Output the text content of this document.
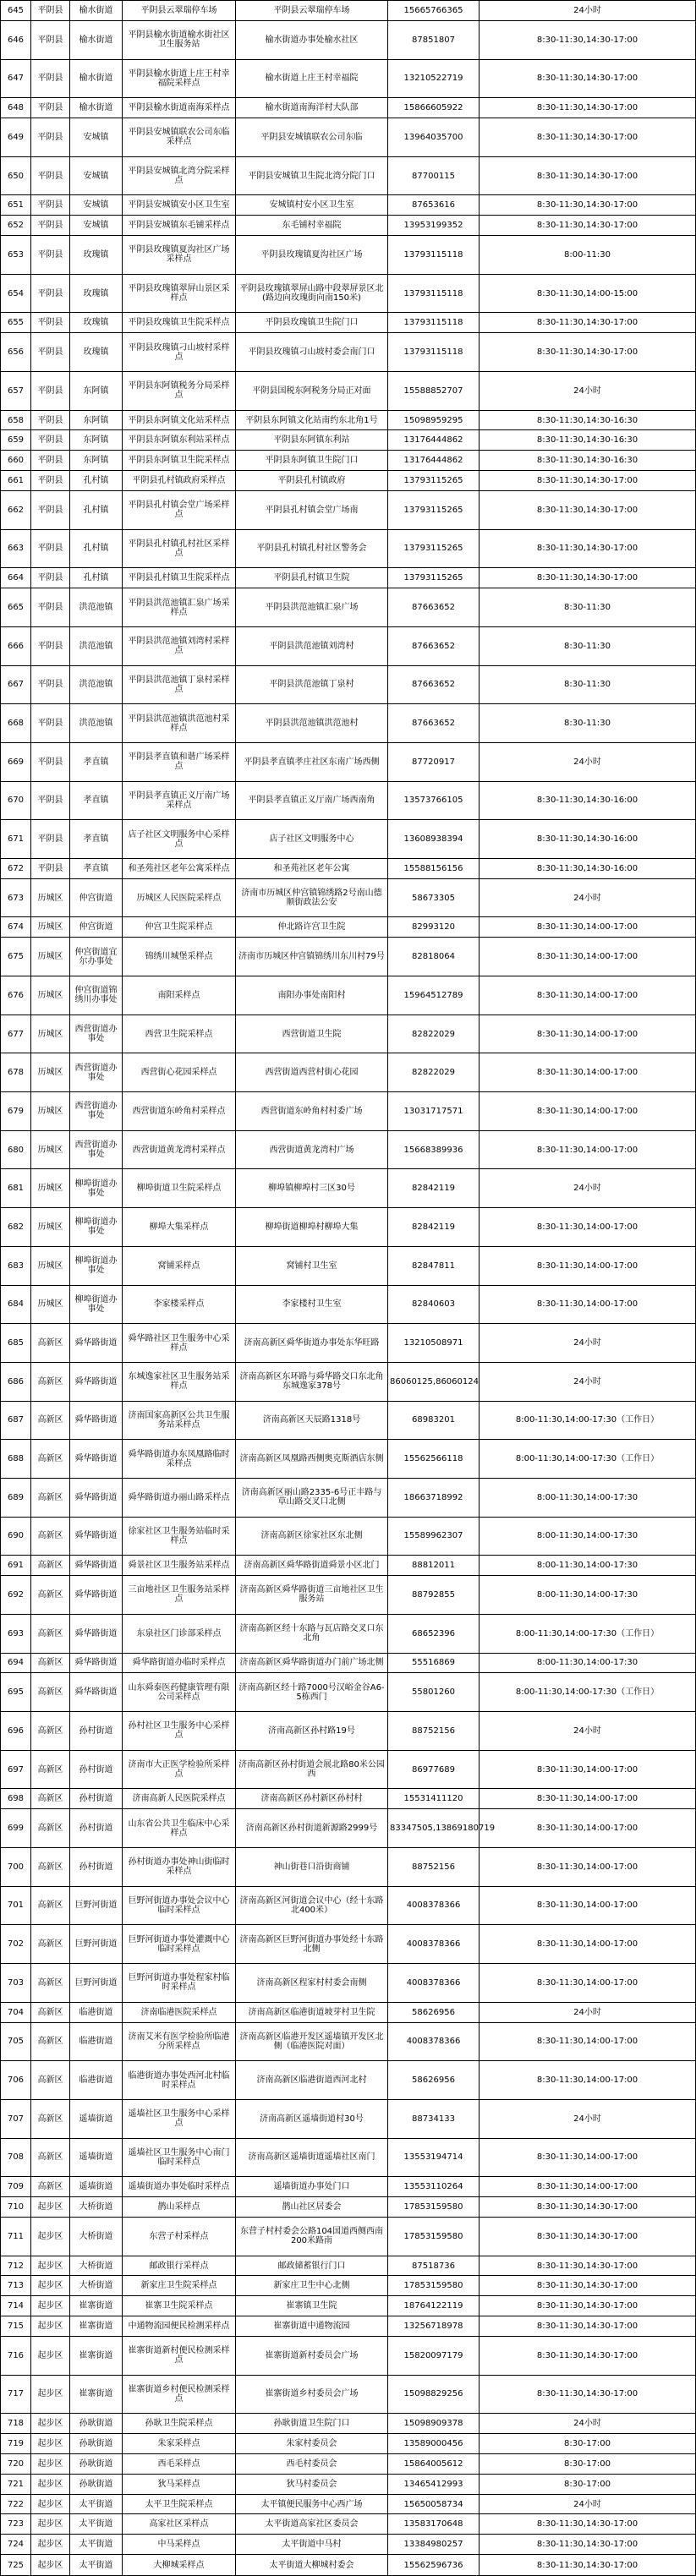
645	平阴县	榆水街道	平阴县云翠瑞停车场	平阴县云翠瑞停车场	15665766365	24小时
646	平阴县	榆水街道	平阴县榆水街道榆水街社区卫生服务站	榆水街道办事处榆水社区	87851807	8:30-11:30,14:30-17:00
647	平阴县	榆水街道	平阴县榆水街道上庄王村幸福院采样点	榆水街道上庄王村幸福院	13210522719	8:30-11:30,14:30-17:00
648	平阴县	榆水街道	平阴县榆水街道南海采样点	榆水街道南海洋村大队部	15866605922	8:30-11:30,14:30-17:00
649	平阴县	安城镇	平阴县安城镇联农公司东临采样点	平阴县安城镇联农公司东临	13964035700	8:30-11:30,14:30-17:00
650	平阴县	安城镇	平阴县安城镇北湾分院采样点	平阴县安城镇卫生院北湾分院门口	87700115	8:30-11:30,14:30-17:00
651	平阴县	安城镇	平阴县安城镇安小区卫生室	安城镇村安小区卫生室	87653616	8:30-11:30,14:30-17:00
652	平阴县	安城镇	平阴县安城镇东毛铺采样点	东毛铺村幸福院	13953199352	8:30-11:30,14:30-17:00
653	平阴县	玫瑰镇	平阴县玫瑰镇夏沟社区广场采样点	平阴县玫瑰镇夏沟社区广场	13793115118	8:00-11:30
654	平阴县	玫瑰镇	平阴县玫瑰镇翠屏山景区采样点	平阴县玫瑰镇翠屏山路中段翠屏景区北(路边向玫瑰街向南150米)	13793115118	8:30-11:30,14:00-15:00
655	平阴县	玫瑰镇	平阴县玫瑰镇卫生院采样点	平阴县玫瑰镇卫生院门口	13793115118	8:30-11:30,14:30-17:00
656	平阴县	玫瑰镇	平阴县玫瑰镇刁山坡村采样点	平阴县玫瑰镇刁山坡村委会南门口	13793115118	8:30-11:30,14:30-17:00
657	平阴县	东阿镇	平阴县东阿镇税务分局采样点	平阴县国税东阿税务分局正对面	15588852707	24小时
658	平阴县	东阿镇	平阴县东阿镇文化站采样点	平阴县东阿镇文化站南约东北角1号	15098959295	8:30-11:30,14:30-16:30
659	平阴县	东阿镇	平阴县东阿镇东利站采样点	平阴县东阿镇东利站	13176444862	8:30-11:30,14:30-16:30
660	平阴县	东阿镇	平阴县东阿镇卫生院采样点	平阴县东阿镇卫生院门口	13176444862	8:30-11:30,14:30-16:30
661	平阴县	孔村镇	平阴县孔村镇政府采样点	平阴县孔村镇政府	13793115265	8:30-11:30,14:30-17:00
662	平阴县	孔村镇	平阴县孔村镇会堂广场采样点	平阴县孔村镇会堂广场南	13793115265	8:30-11:30,14:30-17:00
663	平阴县	孔村镇	平阴县孔村镇孔村社区采样点	平阴县孔村镇孔村社区警务会	13793115265	8:30-11:30,14:30-17:00
664	平阴县	孔村镇	平阴县孔村镇卫生院采样点	平阴县孔村镇卫生院	13793115265	8:30-11:30,14:30-17:00
665	平阴县	洪范池镇	平阴县洪范池镇汇泉广场采样点	平阴县洪范池镇汇泉广场	87663652	8:30-11:30
666	平阴县	洪范池镇	平阴县洪范池镇刘湾村采样点	平阴县洪范池镇刘湾村	87663652	8:30-11:30
667	平阴县	洪范池镇	平阴县洪范池镇丁泉村采样点	平阴县洪范池镇丁泉村	87663652	8:30-11:30
668	平阴县	洪范池镇	平阴县洪范池镇洪范池村采样点	平阴县洪范池镇洪范池村	87663652	8:30-11:30
669	平阴县	孝直镇	平阴县孝直镇和谐广场采样点	平阴县孝直镇孝庄社区东南广场西侧	87720917	24小时
670	平阴县	孝直镇	平阴县孝直镇正义厅南广场采样点	平阴县孝直镇正义厅南广场西南角	13573766105	8:30-11:30,14:30-16:00
671	平阴县	孝直镇	店子社区文明服务中心采样点	店子社区文明服务中心	13608938394	8:30-11:30,14:30-16:00
672	平阴县	孝直镇	和圣苑社区老年公寓采样点	和圣苑社区老年公寓	15588156156	8:30-11:30,14:30-16:00
673	历城区	仲宫街道	历城区人民医院采样点	济南市历城区仲宫镇锦绣路2号南山德顺街政法公安	58673305	24小时
674	历城区	仲宫街道	仲宫卫生院采样点	仲北路许宫卫生院	82993120	8:30-11:30,14:00-17:00
675	历城区	仲宫街道宜尔办事处	锦绣川城堡采样点	济南市历城区仲宫镇锦绣川东川村79号	82818064	8:30-11:30,14:00-17:00
676	历城区	仲宫街道锦绣川办事处	南阳采样点	南阳办事处南阳村	15964512789	8:30-11:30,14:00-17:00
677	历城区	西营街道办事处	西营卫生院采样点	西营街道卫生院	82822029	8:30-11:30,14:00-17:00
678	历城区	西营街道办事处	西营街心花园采样点	西营街道西营村街心花园	82822029	8:30-11:30,14:00-17:00
679	历城区	西营街道办事处	西营街道东岭角村采样点	西营街道东岭角村村委广场	13031717571	8:30-11:30,14:00-17:00
680	历城区	西营街道办事处	西营街道黄龙湾村采样点	西营街道黄龙湾村广场	15668389936	8:30-11:30,14:00-17:00
681	历城区	柳埠街道办事处	柳埠街道卫生院采样点	柳埠镇柳埠村三区30号	82842119	24小时
682	历城区	柳埠街道办事处	柳埠大集采样点	柳埠街道柳埠村柳埠大集	82842119	8:30-11:30,14:00-17:00
683	历城区	柳埠街道办事处	窝铺采样点	窝铺村卫生室	82847811	8:30-11:30,14:00-17:00
684	历城区	柳埠街道办事处	李家楼采样点	李家楼村卫生室	82840603	8:30-11:30,14:00-17:00
685	高新区	舜华路街道	舜华路社区卫生服务中心采样点	济南高新区舜华街道办事处东华旺路	13210508971	24小时
686	高新区	舜华路街道	东城逸家社区卫生服务站采样点	济南高新区东环路与舜华路交口东北角东城逸家378号	86060125,86060124	24小时
687	高新区	舜华路街道	济南国家高新区公共卫生服务站采样点	济南高新区天辰路1318号	68983201	8:00-11:30,14:00-17:30（工作日）
688	高新区	舜华路街道	舜华路街道办东凤凰路临时采样点	济南高新区凤凰路西侧奥克斯酒店东侧	15562566118	8:00-11:30,14:00-17:30（工作日）
689	高新区	舜华路街道	舜华路街道办丽山路采样点	济南高新区丽山路2335-6号正丰路与草山路交叉口北侧	18663718992	8:00-11:30,14:00-17:30
690	高新区	舜华路街道	徐家社区卫生服务站临时采样点	济南高新区徐家社区东北侧	15589962307	8:00-11:30,14:00-17:30
691	高新区	舜华路街道	舜景社区卫生服务站采样点	济南高新区舜华路街道舜景小区北门	88812011	8:00-11:30,14:00-17:30
692	高新区	舜华路街道	三亩地社区卫生服务站采样点	济南高新区舜华路街道三亩地社区卫生服务站	88792855	8:00-11:30,14:00-17:30
693	高新区	舜华路街道	东泉社区门诊部采样点	济南高新区经十东路与瓦店路交叉口东北角	68652396	8:00-11:30,14:00-17:30（工作日）
694	高新区	舜华路街道	舜华路街道办临时采样点	济南高新区舜华路街道办门前广场北侧	55516869	8:00-11:30,14:00-17:30
695	高新区	舜华路街道	山东舜泰医药健康管理有限公司采样点	济南高新区经十路7000号汉峪金谷A6-5栋西门	55801260	8:00-11:30,14:00-17:30（工作日）
696	高新区	孙村街道	孙村社区卫生服务中心采样点	济南高新区孙村路19号	88752156	24小时
697	高新区	孙村街道	济南市大正医学检验所采样点	济南高新区孙村街道会展北路80米公园西	86977689	8:30-11:30,14:00-17:00
698	高新区	孙村街道	济南高新人民医院采样点	济南高新区孙村新区孙村村	15531411120	8:30-11:30,14:00-17:00
699	高新区	孙村街道	山东省公共卫生临床中心采样点	济南高新区孙村街道新源路2999号	83347505,13869180719	8:30-11:30,14:00-17:00
700	高新区	孙村街道	孙村街道办事处神山街临时采样点	神山街巷口沿街商铺	88752156	8:30-11:30,14:00-17:00
701	高新区	巨野河街道	巨野河街道办事处会议中心临时采样点	济南高新区河街道会议中心（经十东路北400米）	4008378366	8:30-11:30,14:00-17:00
702	高新区	巨野河街道	巨野河街道办事处灌溉中心临时采样点	济南高新区巨野河街道办事处经十东路北侧	4008378366	8:30-11:30,14:00-17:00
703	高新区	巨野河街道	巨野河街道办事处程家村临时采样点	济南高新区程家村村委会南侧	4008378366	8:30-11:30,14:00-17:00
704	高新区	临港街道	济南临港医院采样点	济南高新区临港街道坡芽村卫生院	58626956	24小时
705	高新区	临港街道	济南艾米有医学检验所临港分所采样点	济南高新区临港开发区遥墙镇开发区北侧（临港医院对面）	4008378366	8:30-11:30,14:00-17:00
706	高新区	临港街道	临港街道办事处西河北村临时采样点	济南高新区临港街道西河北村	58626956	8:30-11:30,14:00-17:00
707	高新区	遥墙街道	遥墙社区卫生服务中心采样点	济南高新区遥墙街道村30号	88734133	24小时
708	高新区	遥墙街道	遥墙社区卫生服务中心南门临时采样点	济南高新区遥墙街道遥墙社区南门	13553194714	8:30-11:30,14:00-17:00
709	高新区	遥墙街道	遥墙街道办事处临时采样点	遥墙街道办事处门口	13553110264	8:30-11:30,14:00-17:00
710	起步区	大桥街道	鹊山采样点	鹊山社区居委会	17853159580	8:30-11:30,14:30-17:00
711	起步区	大桥街道	东营子村采样点	东营子村村委会公路104国道西侧西南200米路南	17853159580	8:30-11:30,14:30-17:00
712	起步区	大桥街道	邮政银行采样点	邮政储蓄银行门口	87518736	8:30-11:30,14:30-17:00
713	起步区	大桥街道	新家庄卫生院采样点	新家庄卫生中心北侧	17853159580	8:30-11:30,14:30-17:00
714	起步区	崔寨街道	崔寨卫生院采样点	崔寨镇卫生院	18764122119	8:30-11:30,14:30-17:00
715	起步区	崔寨街道	中通物流园便民检测采样点	崔寨街道中通物流园	13256718978	8:30-11:30,14:30-17:00
716	起步区	崔寨街道	崔寨街道新村便民检测采样点	崔寨街道新村委员会广场	15820097179	8:30-11:30,14:30-17:00
717	起步区	崔寨街道	崔寨街道乡村便民检测采样点	崔寨街道乡村委员会广场	15098829256	8:30-11:30,14:30-17:00
718	起步区	孙耿街道	孙耿卫生院采样点	孙耿街道卫生院门口	15098909378	24小时
719	起步区	孙耿街道	朱家采样点	朱家村委员会	13589000456	8:30-17:00
720	起步区	孙耿街道	西毛采样点	西毛村委员会	15864005612	8:30-17:00
721	起步区	孙耿街道	狄马采样点	狄马村委员会	13465412993	8:30-17:00
722	起步区	太平街道	太平卫生院采样点	太平镇便民服务中心西广场	15650058734	24小时
723	起步区	太平街道	高家社区采样点	太平街道高家社区委员会	13583170648	8:30-11:30,14:30-17:00
724	起步区	太平街道	中马采样点	太平街道中马村	13384980257	8:30-11:30,14:30-17:00
725	起步区	太平街道	大柳城采样点	太平街道大柳城村委会	15562596736	8:30-11:30,14:30-17:00
